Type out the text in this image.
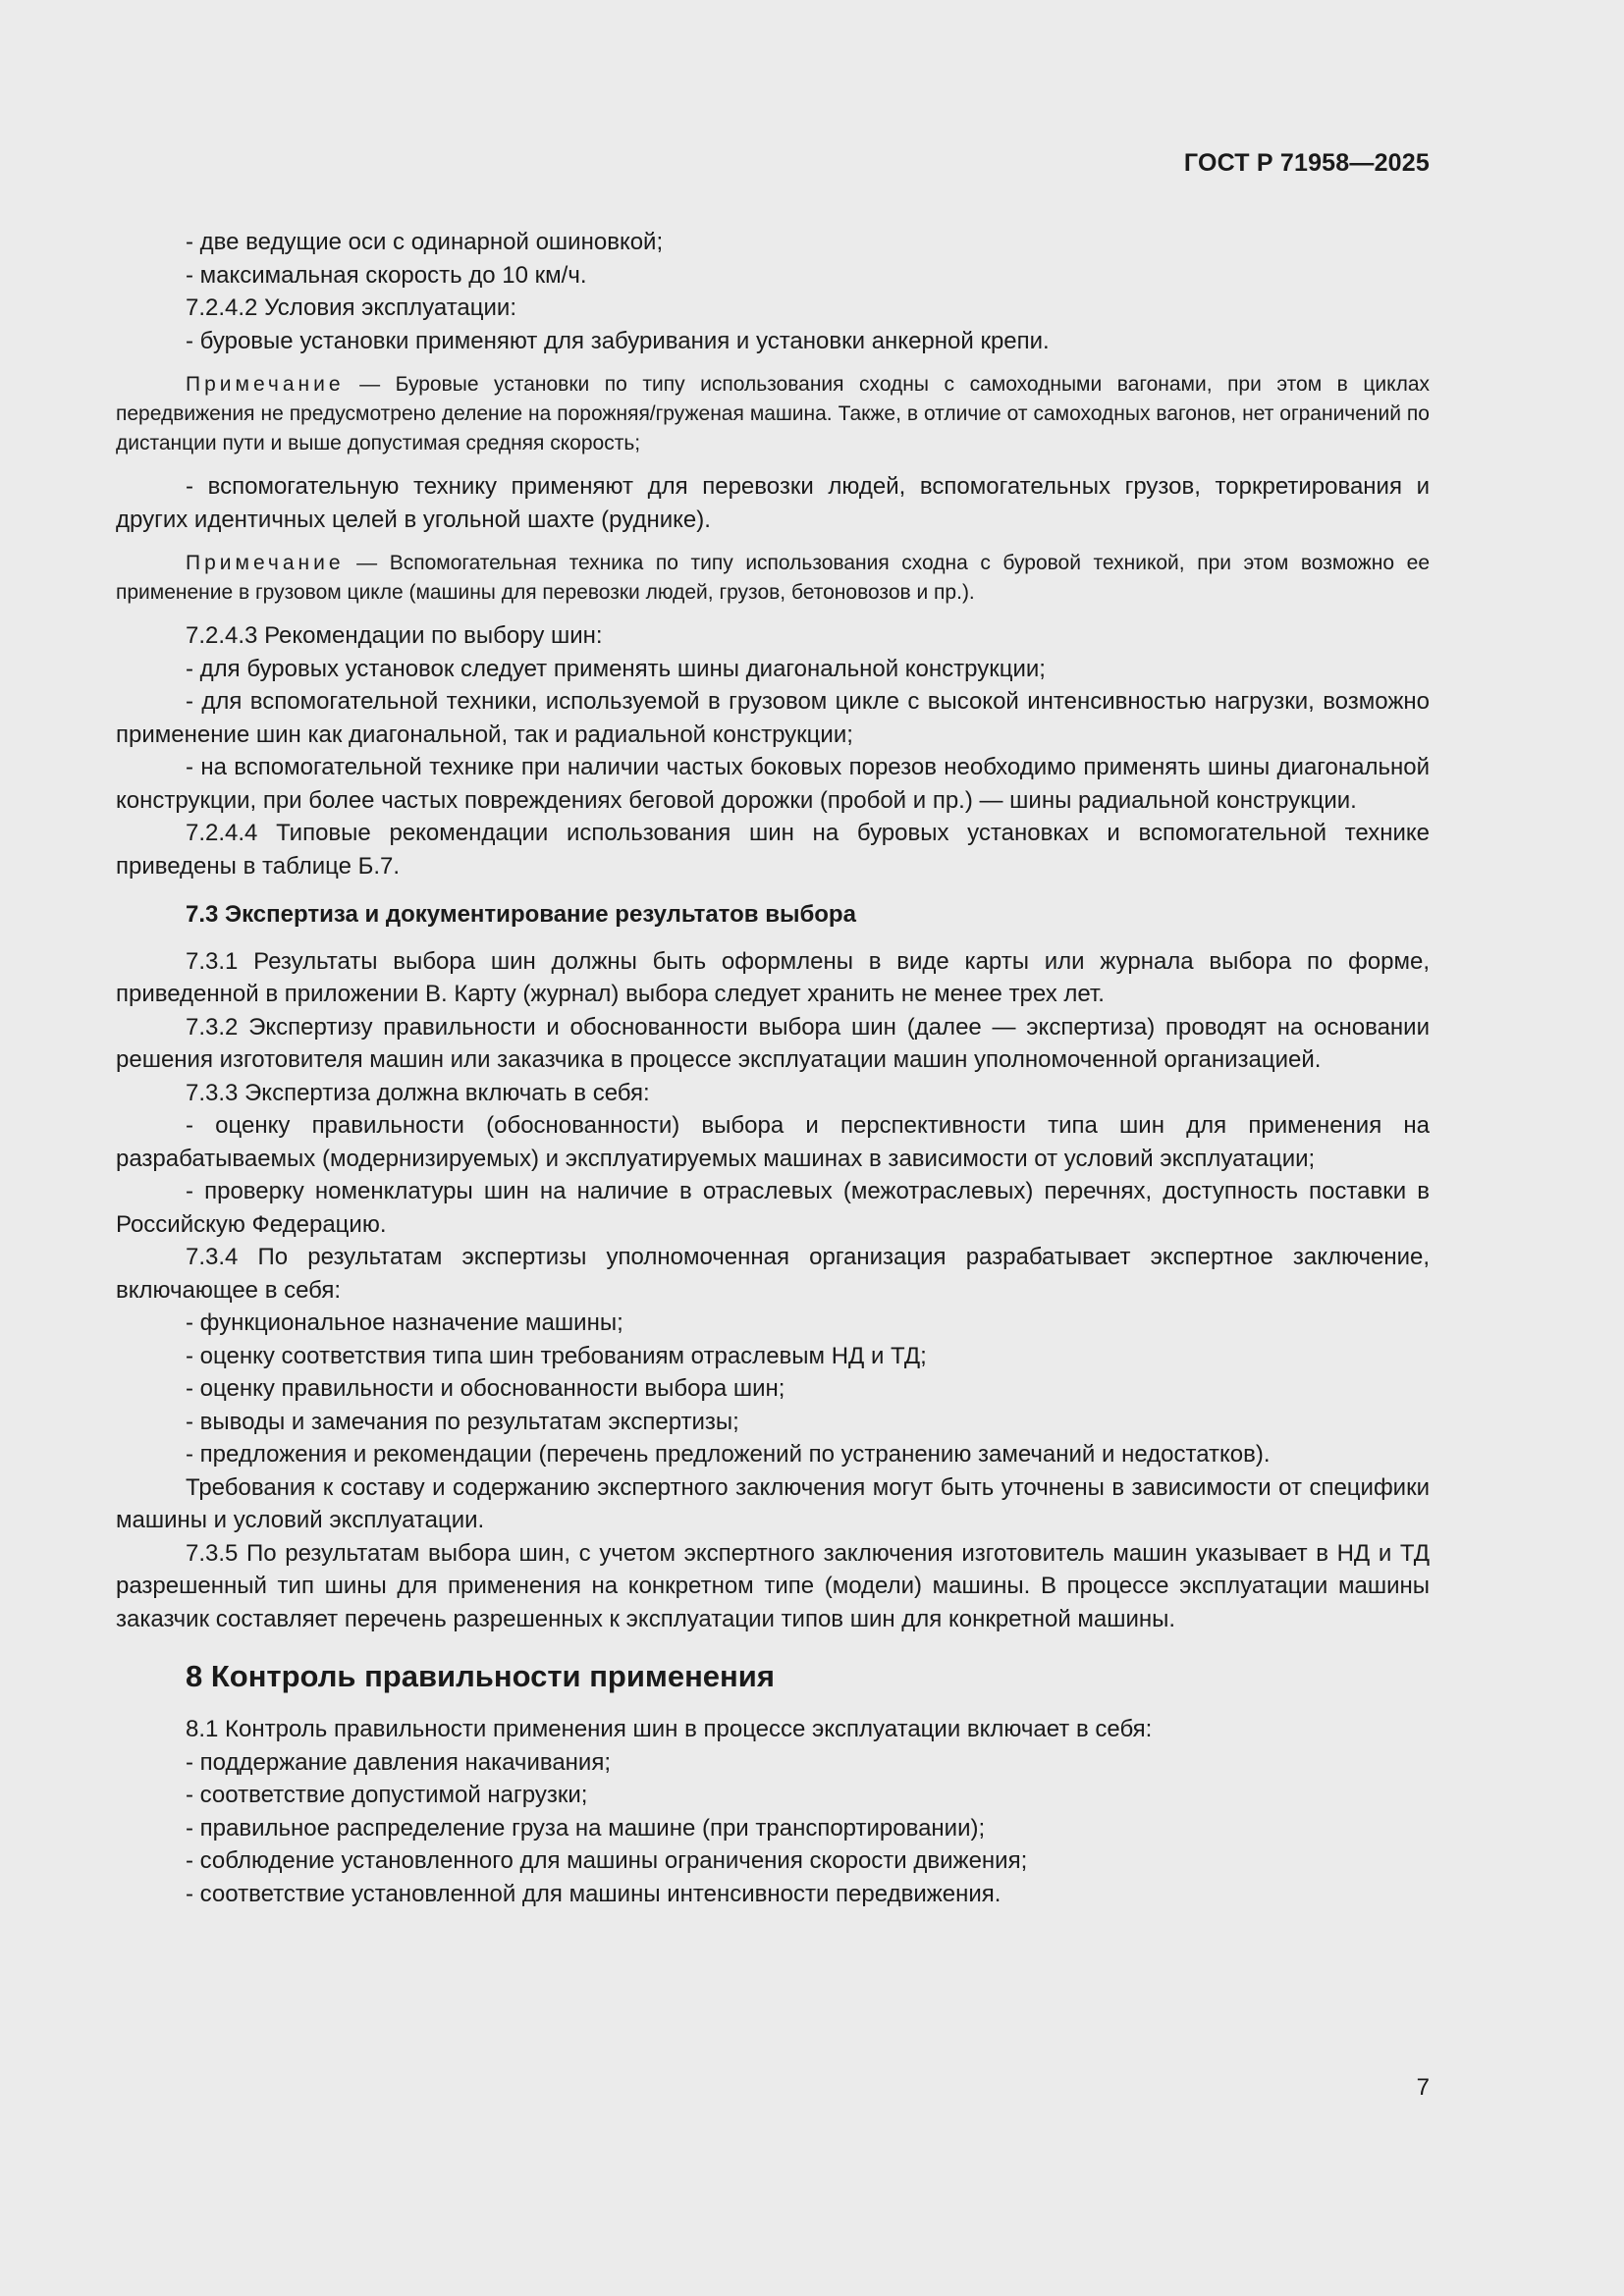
ГОСТ Р 71958—2025

- две ведущие оси с одинарной ошиновкой;

- максимальная скорость до 10 км/ч.

7.2.4.2 Условия эксплуатации:

- буровые установки применяют для забуривания и установки анкерной крепи.

Примечание — Буровые установки по типу использования сходны с самоходными вагонами, при этом в циклах передвижения не предусмотрено деление на порожняя/груженая машина. Также, в отличие от самоходных вагонов, нет ограничений по дистанции пути и выше допустимая средняя скорость;

- вспомогательную технику применяют для перевозки людей, вспомогательных грузов, торкретирования и других идентичных целей в угольной шахте (руднике).

Примечание — Вспомогательная техника по типу использования сходна с буровой техникой, при этом возможно ее применение в грузовом цикле (машины для перевозки людей, грузов, бетоновозов и пр.).

7.2.4.3 Рекомендации по выбору шин:

- для буровых установок следует применять шины диагональной конструкции;

- для вспомогательной техники, используемой в грузовом цикле с высокой интенсивностью нагрузки, возможно применение шин как диагональной, так и радиальной конструкции;

- на вспомогательной технике при наличии частых боковых порезов необходимо применять шины диагональной конструкции, при более частых повреждениях беговой дорожки (пробой и пр.) — шины радиальной конструкции.

7.2.4.4 Типовые рекомендации использования шин на буровых установках и вспомогательной технике приведены в таблице Б.7.

7.3 Экспертиза и документирование результатов выбора

7.3.1 Результаты выбора шин должны быть оформлены в виде карты или журнала выбора по форме, приведенной в приложении В. Карту (журнал) выбора следует хранить не менее трех лет.

7.3.2 Экспертизу правильности и обоснованности выбора шин (далее — экспертиза) проводят на основании решения изготовителя машин или заказчика в процессе эксплуатации машин уполномоченной организацией.

7.3.3 Экспертиза должна включать в себя:

- оценку правильности (обоснованности) выбора и перспективности типа шин для применения на разрабатываемых (модернизируемых) и эксплуатируемых машинах в зависимости от условий эксплуатации;

- проверку номенклатуры шин на наличие в отраслевых (межотраслевых) перечнях, доступность поставки в Российскую Федерацию.

7.3.4 По результатам экспертизы уполномоченная организация разрабатывает экспертное заключение, включающее в себя:

- функциональное назначение машины;

- оценку соответствия типа шин требованиям отраслевым НД и ТД;

- оценку правильности и обоснованности выбора шин;

- выводы и замечания по результатам экспертизы;

- предложения и рекомендации (перечень предложений по устранению замечаний и недостатков).

Требования к составу и содержанию экспертного заключения могут быть уточнены в зависимости от специфики машины и условий эксплуатации.

7.3.5 По результатам выбора шин, с учетом экспертного заключения изготовитель машин указывает в НД и ТД разрешенный тип шины для применения на конкретном типе (модели) машины. В процессе эксплуатации машины заказчик составляет перечень разрешенных к эксплуатации типов шин для конкретной машины.

8 Контроль правильности применения

8.1 Контроль правильности применения шин в процессе эксплуатации включает в себя:

- поддержание давления накачивания;

- соответствие допустимой нагрузки;

- правильное распределение груза на машине (при транспортировании);

- соблюдение установленного для машины ограничения скорости движения;

- соответствие установленной для машины интенсивности передвижения.

7
